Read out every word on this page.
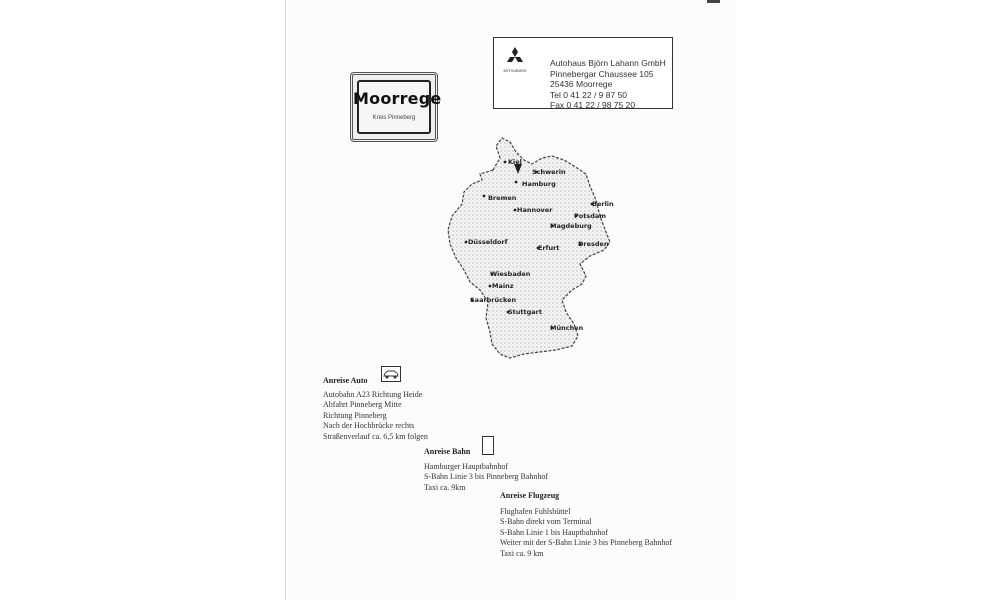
Moorrege
Kreis Pinneberg
MITSUBISHI
Autohaus Björn Lahann GmbH
Pinnebergar Chaussee 105
25436 Moorrege
Tel 0 41 22 / 9 87 50
Fax 0 41 22 / 98 75 20
Kiel
Schwerin
Hamburg
Bremen
Hannover
Berlin
Potsdam
Magdeburg
Düsseldorf
Erfurt	Dresden
Wiesbaden
Mainz
Saarbrücken
Stuttgart
München
Anreise Auto
Autobahn A23 Richtung Heide
Abfahrt Pinneberg Mitte
Richtung Pinneberg
Nach der Hochbrücke rechts
Straßenverlauf ca. 6,5 km folgen
Anreise Bahn
Hamburger Hauptbahnhof
S-Bahn Linie 3 bis Pinneberg Bahnhof
Taxi ca. 9km
Anreise Flugzeug
Flughafen Fuhlsbüttel
S-Bahn direkt vom Terminal
S-Bahn Linie 1 bis Hauptbahnhof
Weiter mit der S-Bahn Linie 3 bis Pinneberg Bahnhof
Taxi ca. 9 km
